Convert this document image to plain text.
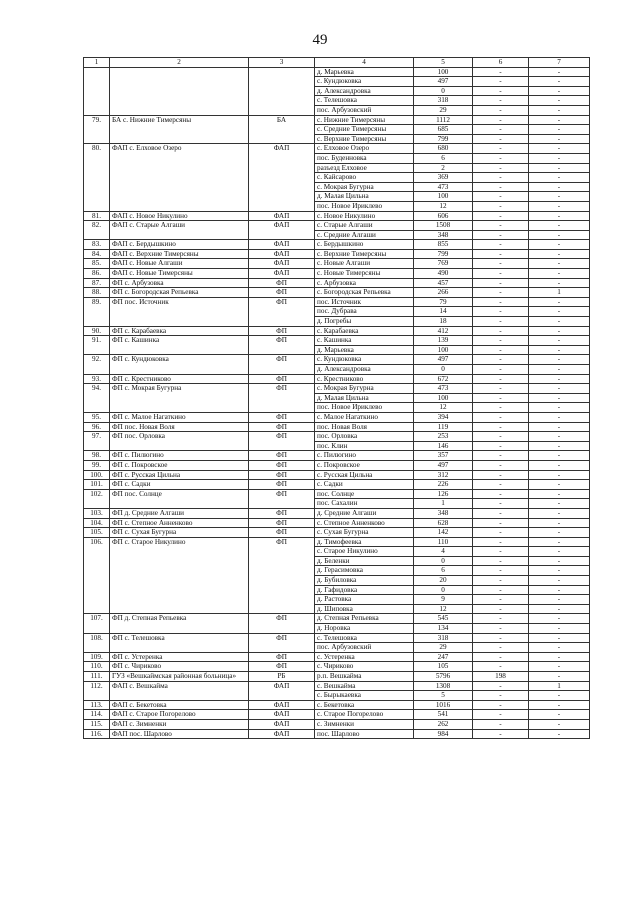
49
1	2	3	4	5	6	7
			д. Марьевка	100	-	-
			с. Кундюковка	497	-	-
			д. Александровка	0	-	-
			с. Телешовка	318	-	-
			пос. Арбузовский	29	-	-
79.	БА с. Нижние Тимерсяны	БА	с. Нижние Тимерсяны	1112	-	-
			с. Средние Тимерсяны	685	-	-
			с. Верхние Тимерсяны	799	-	-
80.	ФАП с. Елховое Озеро	ФАП	с. Елховое Озеро	680	-	-
			пос. Буденновка	6	-	-
			разъезд Елховое	2	-	-
			с. Кайсарово	369	-	-
			с. Мокрая Бугурна	473	-	-
			д. Малая Цильна	100	-	-
			пос. Новое Ириклево	12	-	-
81.	ФАП с. Новое Никулино	ФАП	с. Новое Никулино	606	-	-
82.	ФАП с. Старые Алгаши	ФАП	с. Старые Алгаши	1508	-	-
			с. Средние Алгаши	348	-	-
83.	ФАП с. Бердышкино	ФАП	с. Бердышкино	855	-	-
84.	ФАП с. Верхние Тимерсяны	ФАП	с. Верхние Тимерсяны	799	-	-
85.	ФАП с. Новые Алгаши	ФАП	с. Новые Алгаши	769	-	-
86.	ФАП с. Новые Тимерсяны	ФАП	с. Новые Тимерсяны	490	-	-
87.	ФП с. Арбузовка	ФП	с. Арбузовка	457	-	-
88.	ФП с. Богородская Репьевка	ФП	с. Богородская Репьевка	266	-	1
89.	ФП пос. Источник	ФП	пос. Источник	79	-	-
			пос. Дубрава	14	-	-
			д. Погребы	18	-	-
90.	ФП с. Карабаевка	ФП	с. Карабаевка	412	-	-
91.	ФП с. Кашинка	ФП	с. Кашинка	139	-	-
			д. Марьевка	100	-	-
92.	ФП с. Кундюковка	ФП	с. Кундюковка	497	-	-
			д. Александровка	0	-	-
93.	ФП с. Крестниково	ФП	с. Крестниково	672	-	-
94.	ФП с. Мокрая Бугурна	ФП	с. Мокрая Бугурна	473	-	-
			д. Малая Цильна	100	-	-
			пос. Новое Ириклево	12	-	-
95.	ФП с. Малое Нагаткино	ФП	с. Малое Нагаткино	394	-	-
96.	ФП пос. Новая Воля	ФП	пос. Новая Воля	119	-	-
97.	ФП пос. Орловка	ФП	пос. Орловка	253	-	-
			пос. Клин	146	-	-
98.	ФП с. Пилюгино	ФП	с. Пилюгино	357	-	-
99.	ФП с. Покровское	ФП	с. Покровское	497	-	-
100.	ФП с. Русская Цильна	ФП	с. Русская Цильна	312	-	-
101.	ФП с. Садки	ФП	с. Садки	226	-	-
102.	ФП пос. Солнце	ФП	пос. Солнце	126	-	-
			пос. Сахалин	1	-	-
103.	ФП д. Средние Алгаши	ФП	д. Средние Алгаши	348	-	-
104.	ФП с. Степное Анненково	ФП	с. Степное Анненково	628	-	-
105.	ФП с. Сухая Бугурна	ФП	с. Сухая Бугурна	142	-	-
106.	ФП с. Старое Никулино	ФП	д. Тимофеевка	110	-	-
			с. Старое Никулино	4	-	-
			д. Беленки	0	-	-
			д. Герасимовка	6	-	-
			д. Бубиловка	20	-	-
			д. Гафидовка	0	-	-
			д. Растовка	9	-	-
			д. Шиповка	12	-	-
107.	ФП д. Степная Репьевка	ФП	д. Степная Репьевка	545	-	-
			д. Норовка	134	-	-
108.	ФП с. Телешовка	ФП	с. Телешовка	318	-	-
			пос. Арбузовский	29	-	-
109.	ФП с. Устеренка	ФП	с. Устеренка	247	-	-
110.	ФП с. Чириково	ФП	с. Чириково	105	-	-
111.	ГУЗ «Вешкаймская районная больница»	РБ	р.п. Вешкайма	5796	198	-
112.	ФАП с. Вешкайма	ФАП	с. Вешкайма	1308	-	1
			с. Бырыкаевка	5	-	-
113.	ФАП с. Бекетовка	ФАП	с. Бекетовка	1016	-	-
114.	ФАП с. Старое Погорелово	ФАП	с. Старое Погорелово	541	-	-
115.	ФАП с. Зимненки	ФАП	с. Зимненки	262	-	-
116.	ФАП пос. Шарлово	ФАП	пос. Шарлово	984	-	-
